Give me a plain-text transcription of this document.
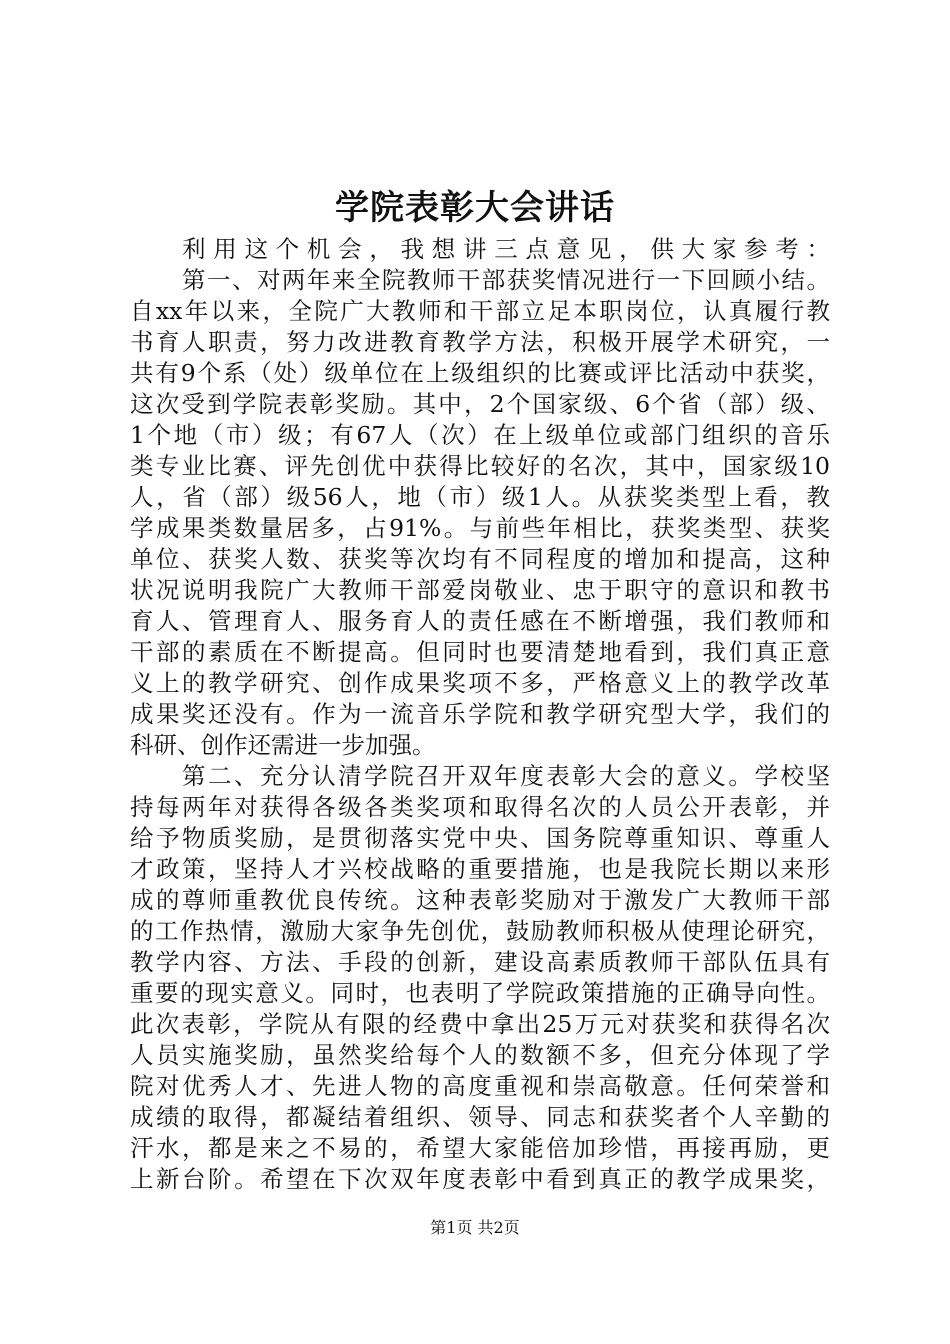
学院表彰大会讲话
利用这个机会，我想讲三点意见，供大家参考：
第一、对两年来全院教师干部获奖情况进行一下回顾小结。
自xx年以来，全院广大教师和干部立足本职岗位，认真履行教
书育人职责，努力改进教育教学方法，积极开展学术研究，一
共有9个系（处）级单位在上级组织的比赛或评比活动中获奖，
这次受到学院表彰奖励。其中，2个国家级、6个省（部）级、
1个地（市）级；有67人（次）在上级单位或部门组织的音乐
类专业比赛、评先创优中获得比较好的名次，其中，国家级10
人，省（部）级56人，地（市）级1人。从获奖类型上看，教
学成果类数量居多，占91%。与前些年相比，获奖类型、获奖
单位、获奖人数、获奖等次均有不同程度的增加和提高，这种
状况说明我院广大教师干部爱岗敬业、忠于职守的意识和教书
育人、管理育人、服务育人的责任感在不断增强，我们教师和
干部的素质在不断提高。但同时也要清楚地看到，我们真正意
义上的教学研究、创作成果奖项不多，严格意义上的教学改革
成果奖还没有。作为一流音乐学院和教学研究型大学，我们的
科研、创作还需进一步加强。
第二、充分认清学院召开双年度表彰大会的意义。学校坚
持每两年对获得各级各类奖项和取得名次的人员公开表彰，并
给予物质奖励，是贯彻落实党中央、国务院尊重知识、尊重人
才政策，坚持人才兴校战略的重要措施，也是我院长期以来形
成的尊师重教优良传统。这种表彰奖励对于激发广大教师干部
的工作热情，激励大家争先创优，鼓励教师积极从使理论研究，
教学内容、方法、手段的创新，建设高素质教师干部队伍具有
重要的现实意义。同时，也表明了学院政策措施的正确导向性。
此次表彰，学院从有限的经费中拿出25万元对获奖和获得名次
人员实施奖励，虽然奖给每个人的数额不多，但充分体现了学
院对优秀人才、先进人物的高度重视和崇高敬意。任何荣誉和
成绩的取得，都凝结着组织、领导、同志和获奖者个人辛勤的
汗水，都是来之不易的，希望大家能倍加珍惜，再接再励，更
上新台阶。希望在下次双年度表彰中看到真正的教学成果奖，
第1页 共2页
